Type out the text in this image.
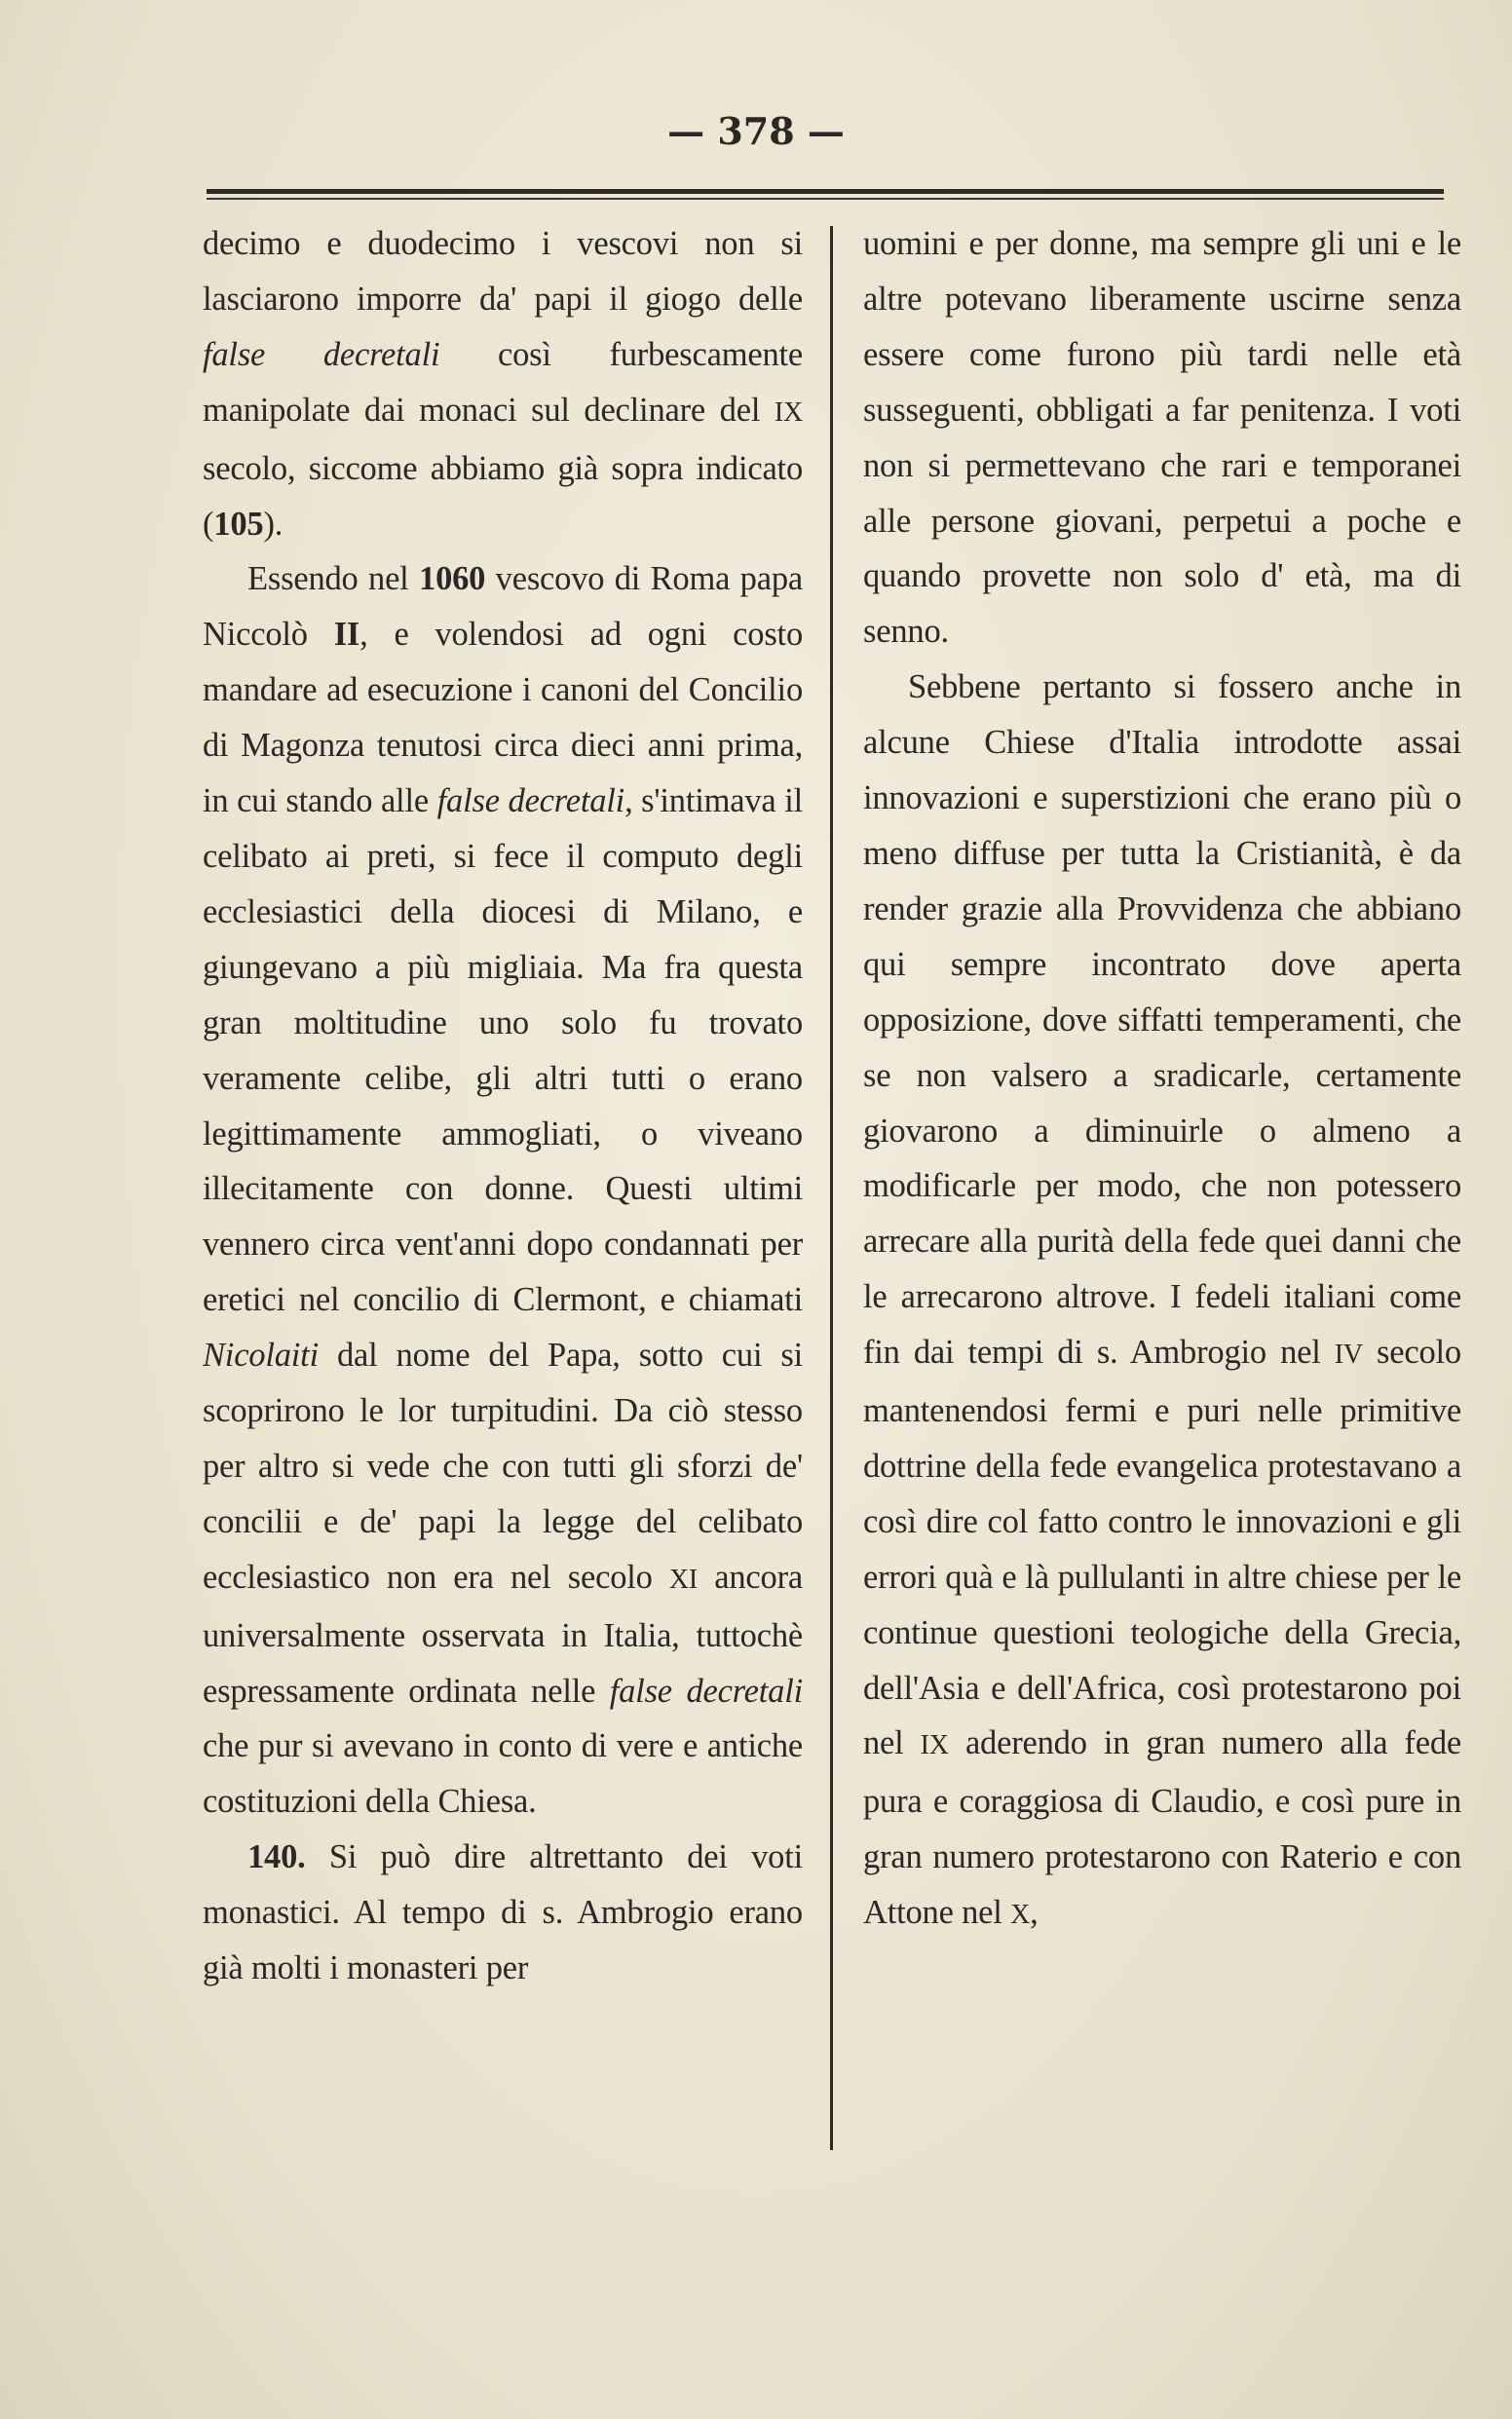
— 378 —

decimo e duodecimo i vescovi non si lasciarono imporre da' papi il giogo delle false decretali così furbescamente manipolate dai monaci sul declinare del IX secolo, siccome abbiamo già sopra indicato (105).

Essendo nel 1060 vescovo di Roma papa Niccolò II, e volendosi ad ogni costo mandare ad esecuzione i canoni del Concilio di Magonza tenutosi circa dieci anni prima, in cui stando alle false decretali, s'intimava il celibato ai preti, si fece il computo degli ecclesiastici della diocesi di Milano, e giungevano a più migliaia. Ma fra questa gran moltitudine uno solo fu trovato veramente celibe, gli altri tutti o erano legittimamente ammogliati, o viveano illecitamente con donne. Questi ultimi vennero circa vent'anni dopo condannati per eretici nel concilio di Clermont, e chiamati Nicolaiti dal nome del Papa, sotto cui si scoprirono le lor turpitudini. Da ciò stesso per altro si vede che con tutti gli sforzi de' concilii e de' papi la legge del celibato ecclesiastico non era nel secolo XI ancora universalmente osservata in Italia, tuttochè espressamente ordinata nelle false decretali che pur si avevano in conto di vere e antiche costituzioni della Chiesa.

140. Si può dire altrettanto dei voti monastici. Al tempo di s. Ambrogio erano già molti i monasteri per

uomini e per donne, ma sempre gli uni e le altre potevano liberamente uscirne senza essere come furono più tardi nelle età susseguenti, obbligati a far penitenza. I voti non si permettevano che rari e temporanei alle persone giovani, perpetui a poche e quando provette non solo d' età, ma di senno.

Sebbene pertanto si fossero anche in alcune Chiese d'Italia introdotte assai innovazioni e superstizioni che erano più o meno diffuse per tutta la Cristianità, è da render grazie alla Provvidenza che abbiano qui sempre incontrato dove aperta opposizione, dove siffatti temperamenti, che se non valsero a sradicarle, certamente giovarono a diminuirle o almeno a modificarle per modo, che non potessero arrecare alla purità della fede quei danni che le arrecarono altrove. I fedeli italiani come fin dai tempi di s. Ambrogio nel IV secolo mantenendosi fermi e puri nelle primitive dottrine della fede evangelica protestavano a così dire col fatto contro le innovazioni e gli errori quà e là pullulanti in altre chiese per le continue questioni teologiche della Grecia, dell'Asia e dell'Africa, così protestarono poi nel IX aderendo in gran numero alla fede pura e coraggiosa di Claudio, e così pure in gran numero protestarono con Raterio e con Attone nel X,
